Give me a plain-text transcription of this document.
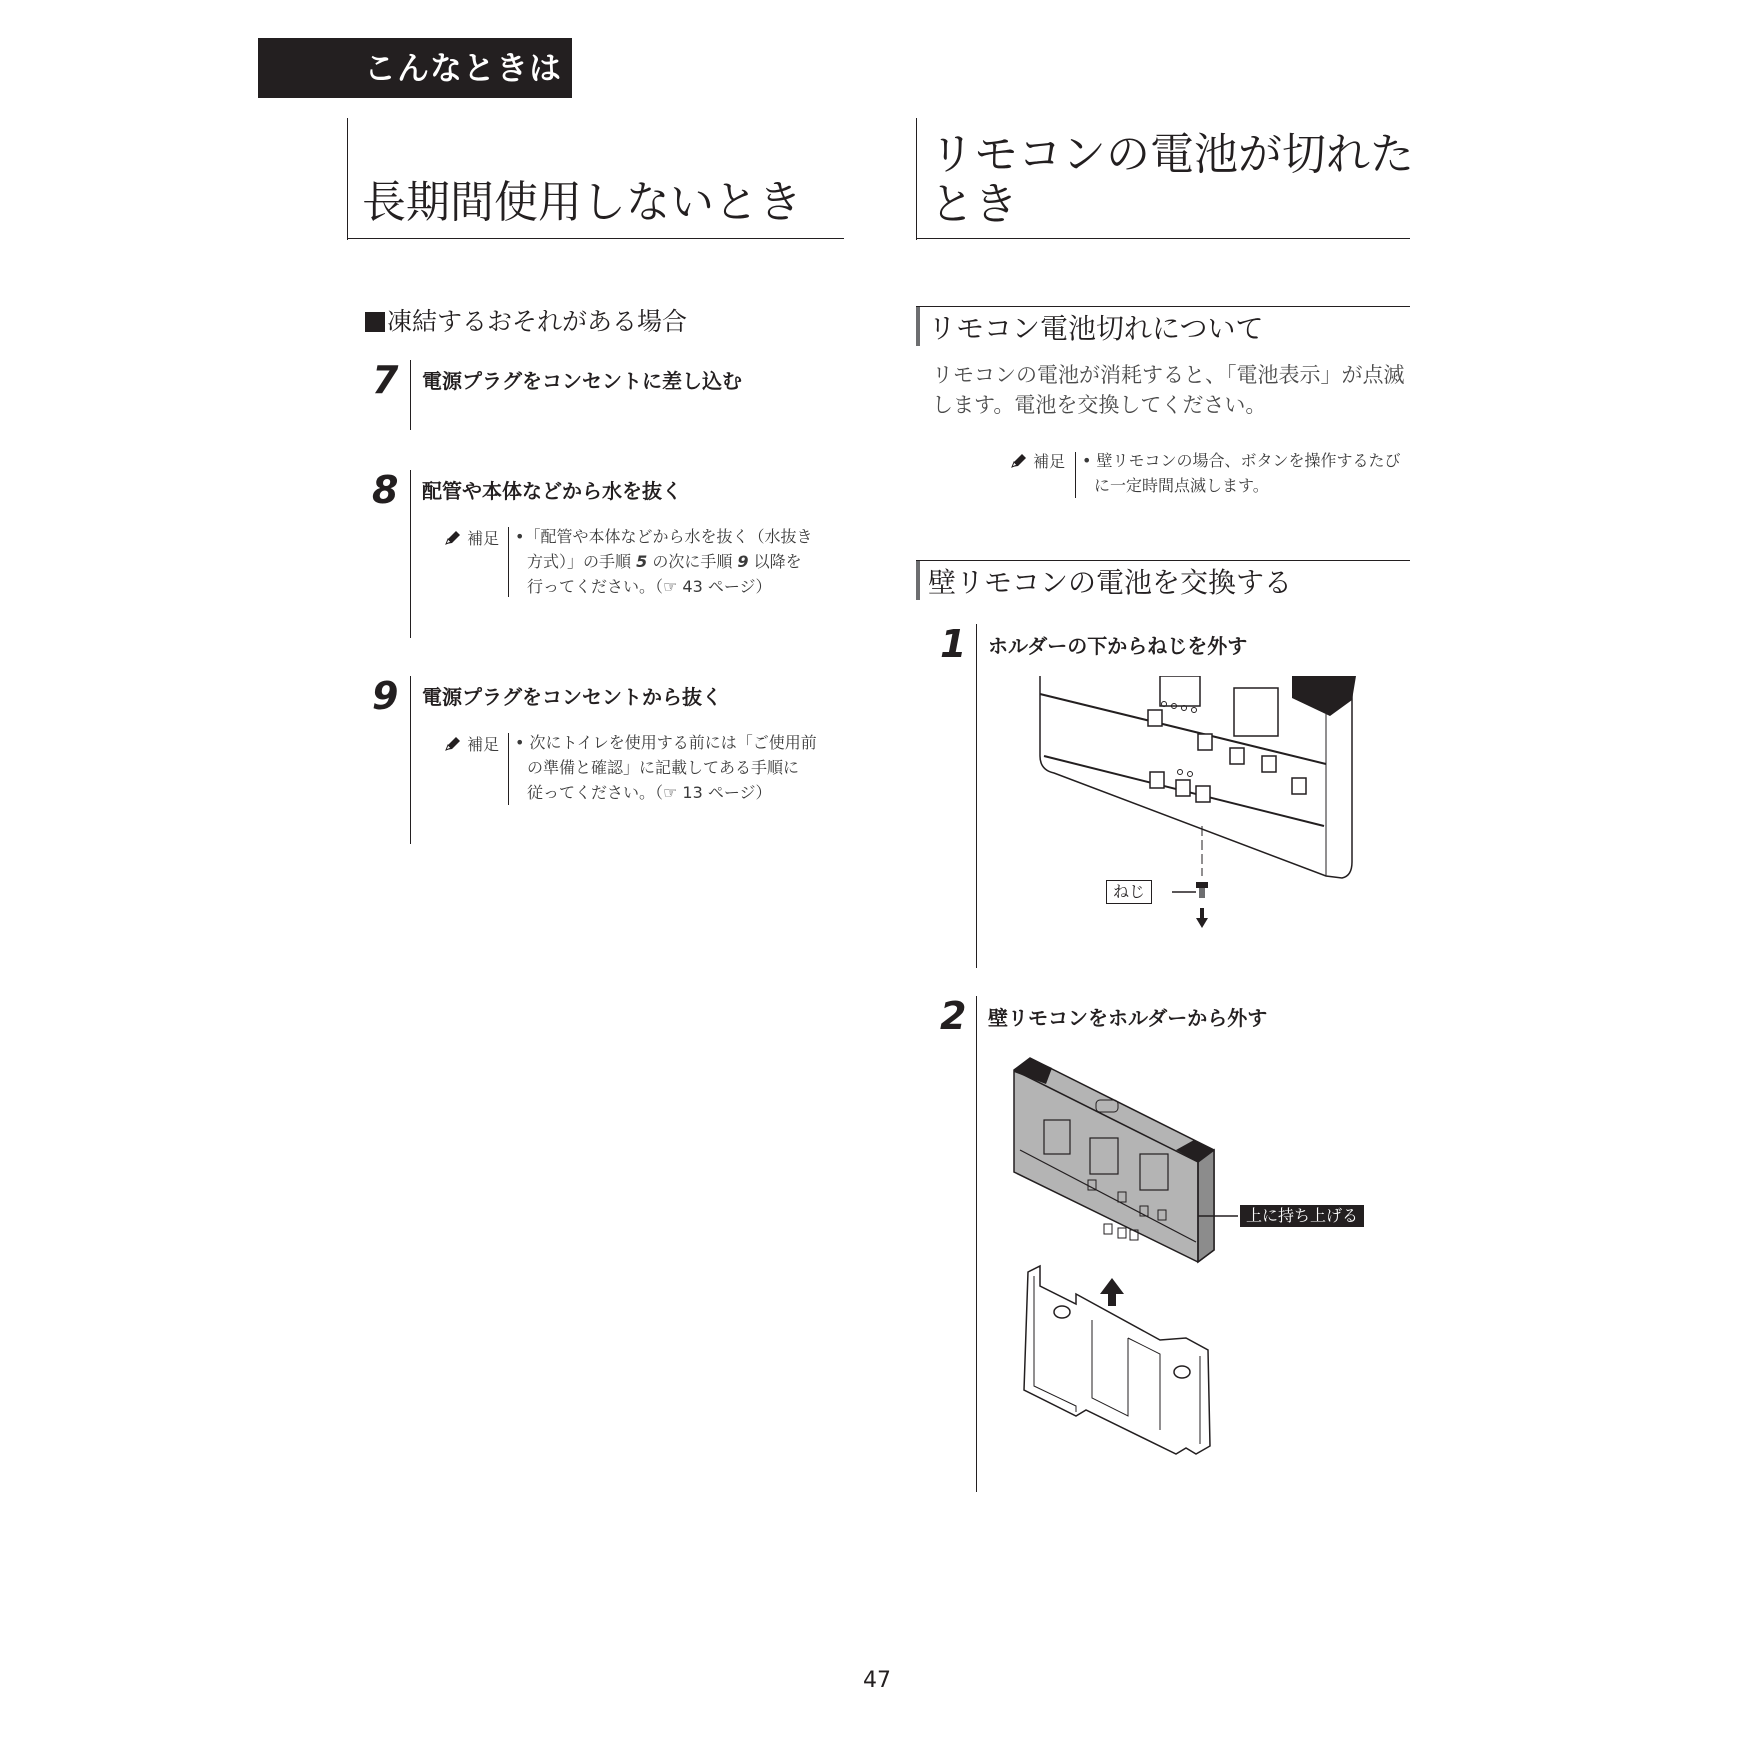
こんなときは
長期間使用しないとき
凍結するおそれがある場合
7 電源プラグをコンセントに差し込む
8 配管や本体などから水を抜く
補足 •「配管や本体などから水を抜く（水抜き
方式）」の手順 5 の次に手順 9 以降を
行ってください。（☞ 43 ページ）
9 電源プラグをコンセントから抜く
補足 • 次にトイレを使用する前には「ご使用前
の準備と確認」に記載してある手順に
従ってください。（☞ 13 ページ）
リモコンの電池が切れた
とき
リモコン電池切れについて
リモコンの電池が消耗すると、「電池表示」が点滅
します。電池を交換してください。
補足 • 壁リモコンの場合、ボタンを操作するたび
に一定時間点滅します。
壁リモコンの電池を交換する
1 ホルダーの下からねじを外す
ねじ
2 壁リモコンをホルダーから外す
上に持ち上げる
47
